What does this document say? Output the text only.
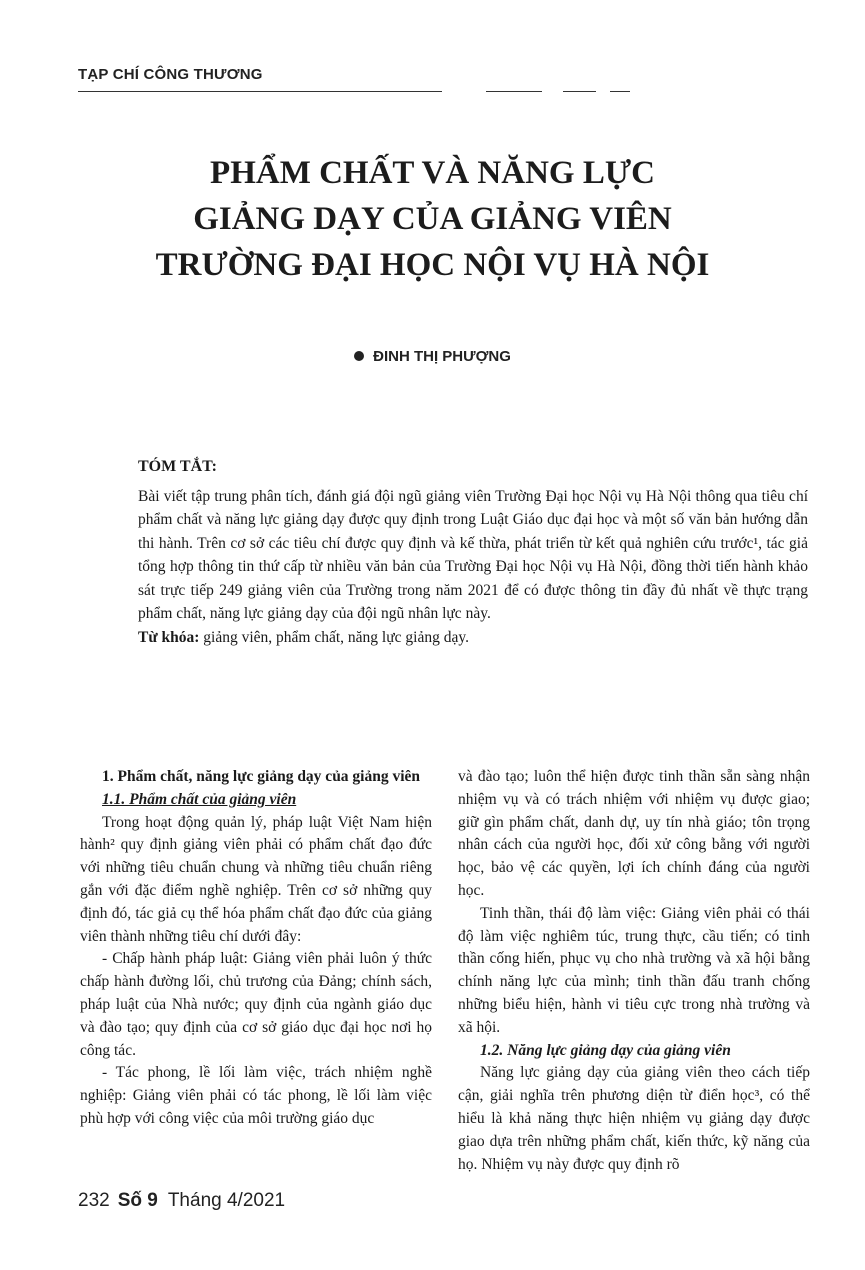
TẠP CHÍ CÔNG THƯƠNG
PHẨM CHẤT VÀ NĂNG LỰC
GIẢNG DẠY CỦA GIẢNG VIÊN
TRƯỜNG ĐẠI HỌC NỘI VỤ HÀ NỘI
ĐINH THỊ PHƯỢNG
TÓM TẮT:
Bài viết tập trung phân tích, đánh giá đội ngũ giảng viên Trường Đại học Nội vụ Hà Nội thông qua tiêu chí phẩm chất và năng lực giảng dạy được quy định trong Luật Giáo dục đại học và một số văn bản hướng dẫn thi hành. Trên cơ sở các tiêu chí được quy định và kế thừa, phát triển từ kết quả nghiên cứu trước¹, tác giả tổng hợp thông tin thứ cấp từ nhiều văn bản của Trường Đại học Nội vụ Hà Nội, đồng thời tiến hành khảo sát trực tiếp 249 giảng viên của Trường trong năm 2021 để có được thông tin đầy đủ nhất về thực trạng phẩm chất, năng lực giảng dạy của đội ngũ nhân lực này.
Từ khóa: giảng viên, phẩm chất, năng lực giảng dạy.

1. Phẩm chất, năng lực giảng dạy của giảng viên

1.1. Phẩm chất của giảng viên

Trong hoạt động quản lý, pháp luật Việt Nam hiện hành² quy định giảng viên phải có phẩm chất đạo đức với những tiêu chuẩn chung và những tiêu chuẩn riêng gắn với đặc điểm nghề nghiệp. Trên cơ sở những quy định đó, tác giả cụ thể hóa phẩm chất đạo đức của giảng viên thành những tiêu chí dưới đây:

- Chấp hành pháp luật: Giảng viên phải luôn ý thức chấp hành đường lối, chủ trương của Đảng; chính sách, pháp luật của Nhà nước; quy định của ngành giáo dục và đào tạo; quy định của cơ sở giáo dục đại học nơi họ công tác.

- Tác phong, lề lối làm việc, trách nhiệm nghề nghiệp: Giảng viên phải có tác phong, lề lối làm việc phù hợp với công việc của môi trường giáo dục

và đào tạo; luôn thể hiện được tinh thần sẵn sàng nhận nhiệm vụ và có trách nhiệm với nhiệm vụ được giao; giữ gìn phẩm chất, danh dự, uy tín nhà giáo; tôn trọng nhân cách của người học, đối xử công bằng với người học, bảo vệ các quyền, lợi ích chính đáng của người học.

Tinh thần, thái độ làm việc: Giảng viên phải có thái độ làm việc nghiêm túc, trung thực, cầu tiến; có tinh thần cống hiến, phục vụ cho nhà trường và xã hội bằng chính năng lực của mình; tinh thần đấu tranh chống những biểu hiện, hành vi tiêu cực trong nhà trường và xã hội.

1.2. Năng lực giảng dạy của giảng viên

Năng lực giảng dạy của giảng viên theo cách tiếp cận, giải nghĩa trên phương diện từ điển học³, có thể hiểu là khả năng thực hiện nhiệm vụ giảng dạy được giao dựa trên những phẩm chất, kiến thức, kỹ năng của họ. Nhiệm vụ này được quy định rõ

232 Số 9 Tháng 4/2021
